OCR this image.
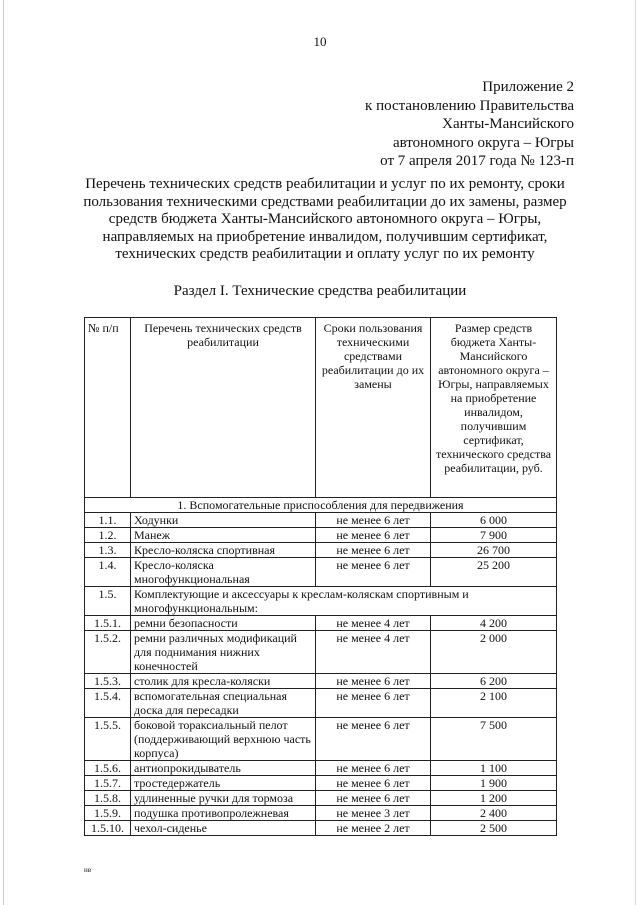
10
Приложение 2
к постановлению Правительства
Ханты-Мансийского
автономного округа – Югры
от 7 апреля 2017 года № 123-п
Перечень технических средств реабилитации и услуг по их ремонту, сроки
пользования техническими средствами реабилитации до их замены, размер
средств бюджета Ханты-Мансийского автономного округа – Югры,
направляемых на приобретение инвалидом, получившим сертификат,
технических средств реабилитации и оплату услуг по их ремонту
Раздел I. Технические средства реабилитации
№ п/п	Перечень технических средств реабилитации	Сроки пользования техническими средствами реабилитации до их замены	Размер средств бюджета Ханты-Мансийского автономного округа – Югры, направляемых на приобретение инвалидом, получившим сертификат, технического средства реабилитации, руб.
1. Вспомогательные приспособления для передвижения			
1.1.	Ходунки	не менее 6 лет	6 000
1.2.	Манеж	не менее 6 лет	7 900
1.3.	Кресло-коляска спортивная	не менее 6 лет	26 700
1.4.	Кресло-коляска многофункциональная	не менее 6 лет	25 200
1.5.	Комплектующие и аксессуары к креслам-коляскам спортивным и многофункциональным:		
1.5.1.	ремни безопасности	не менее 4 лет	4 200
1.5.2.	ремни различных модификаций для поднимания нижних конечностей	не менее 4 лет	2 000
1.5.3.	столик для кресла-коляски	не менее 6 лет	6 200
1.5.4.	вспомогательная специальная доска для пересадки	не менее 6 лет	2 100
1.5.5.	боковой тораксиальный пелот (поддерживающий верхнюю часть корпуса)	не менее 6 лет	7 500
1.5.6.	антиопрокидыватель	не менее 6 лет	1 100
1.5.7.	тростедержатель	не менее 6 лет	1 900
1.5.8.	удлиненные ручки для тормоза	не менее 6 лет	1 200
1.5.9.	подушка противопролежневая	не менее 3 лет	2 400
1.5.10.	чехол-сиденье	не менее 2 лет	2 500
нв
